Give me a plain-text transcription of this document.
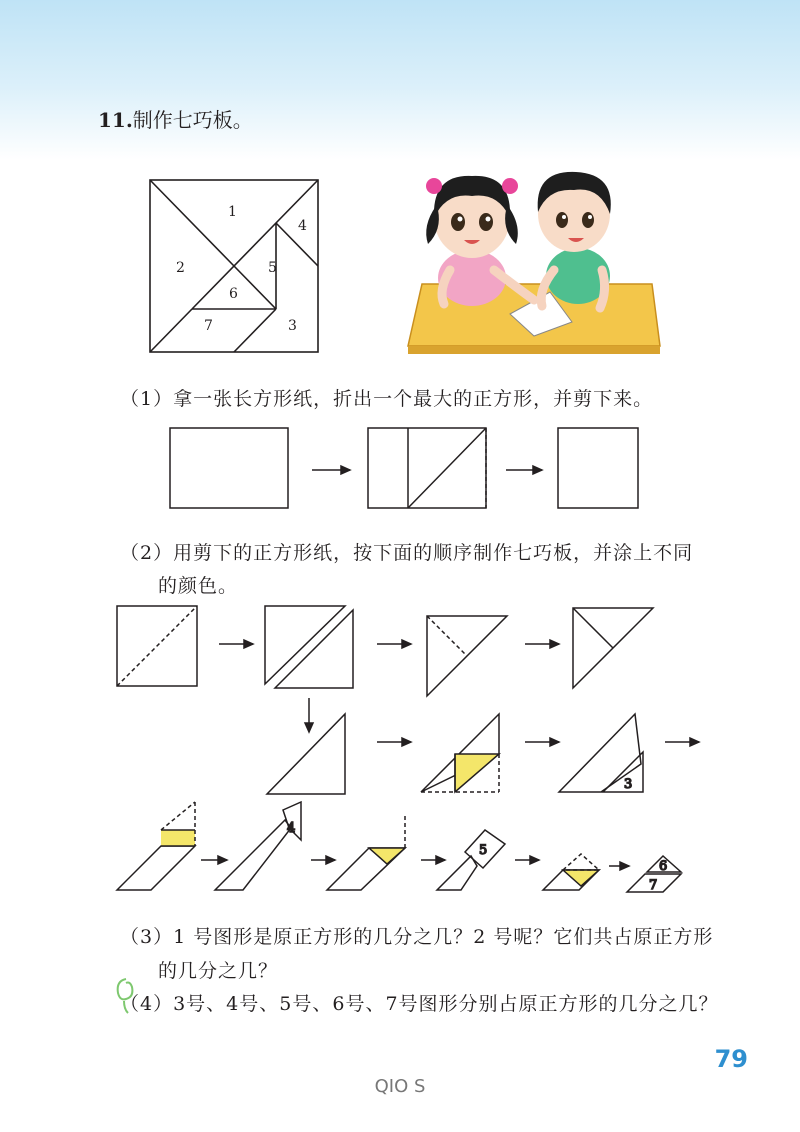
11.制作七巧板。
1
2
3
4
5
6
7
（1）拿一张长方形纸，折出一个最大的正方形，并剪下来。
（2）用剪下的正方形纸，按下面的顺序制作七巧板，并涂上不同
的颜色。
3
4
5
6
7
（3）1 号图形是原正方形的几分之几？2 号呢？它们共占原正方形
的几分之几？
（4）3号、4号、5号、6号、7号图形分别占原正方形的几分之几？
79
QIO S
